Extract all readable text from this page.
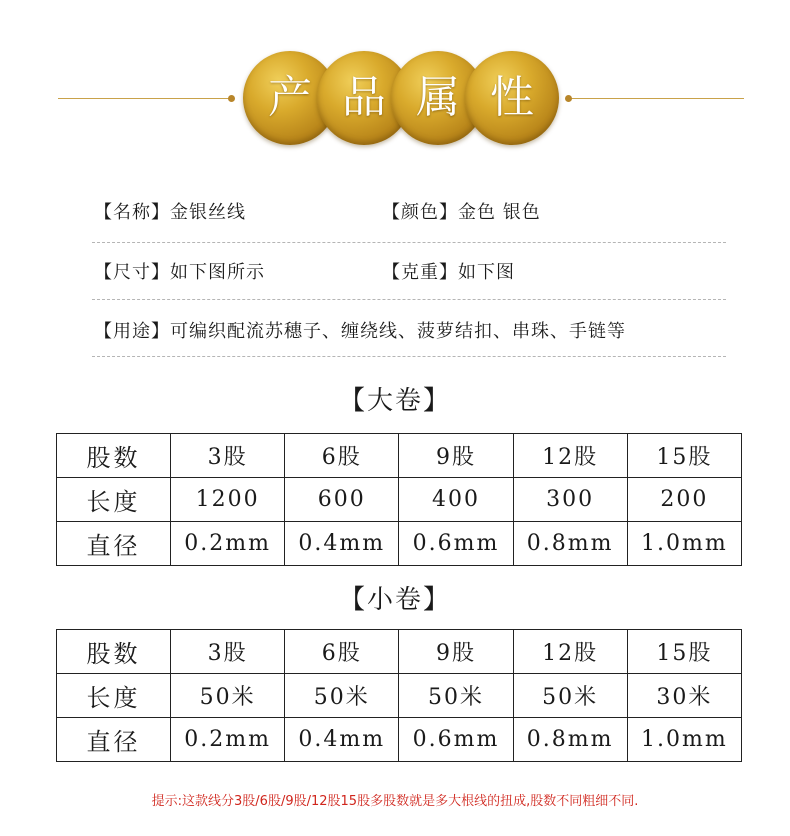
产 品 属 性
【名称】金银丝线	【颜色】金色 银色
【尺寸】如下图所示	【克重】如下图
【用途】可编织配流苏穗子、缠绕线、菠萝结扣、串珠、手链等
【大卷】
股数	3股	6股	9股	12股	15股
长度	1200	600	400	300	200
直径	0.2mm	0.4mm	0.6mm	0.8mm	1.0mm
【小卷】
股数	3股	6股	9股	12股	15股
长度	50米	50米	50米	50米	30米
直径	0.2mm	0.4mm	0.6mm	0.8mm	1.0mm
提示:这款线分3股/6股/9股/12股15股多股数就是多大根线的扭成,股数不同粗细不同.
